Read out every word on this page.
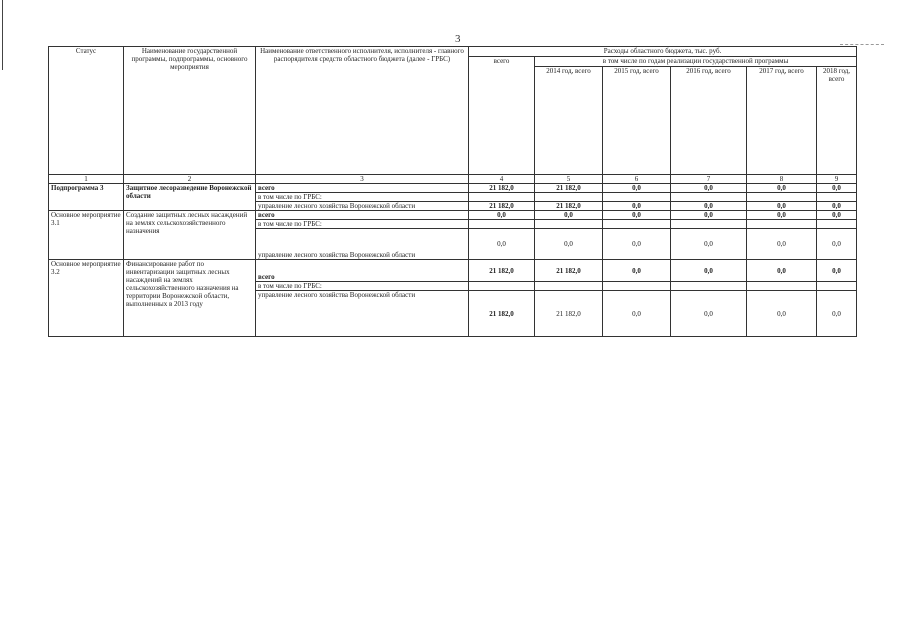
3
Статус	Наименование государственной программы, подпрограммы, основного мероприятия	Наименование ответственного исполнителя, исполнителя - главного распорядителя средств областного бюджета (далее - ГРБС)	Расходы областного бюджета, тыс. руб.					
			всего	в том числе по годам реализации государственной программы				
				2014 год, всего	2015 год, всего	2016 год, всего	2017 год, всего	2018 год, всего
1	2	3	4	5	6	7	8	9
Подпрограмма 3	Защитное лесоразведение Воронежской области	всего	21 182,0	21 182,0	0,0	0,0	0,0	0,0
		в том числе по ГРБС:						
		управление лесного хозяйства Воронежской области	21 182,0	21 182,0	0,0	0,0	0,0	0,0
Основное мероприятие 3.1	Создание защитных лесных насаждений на землях сельскохозяйственного назначения	всего	0,0	0,0	0,0	0,0	0,0	0,0
		в том числе по ГРБС:						
		управление лесного хозяйства Воронежской области	0,0	0,0	0,0	0,0	0,0	0,0
Основное мероприятие 3.2	Финансирование работ по инвентаризации защитных лесных насаждений на землях сельскохозяйственного назначения на территории Воронежской области, выполненных в 2013 году	всего	21 182,0	21 182,0	0,0	0,0	0,0	0,0
		в том числе по ГРБС:						
		управление лесного хозяйства Воронежской области	21 182,0	21 182,0	0,0	0,0	0,0	0,0
